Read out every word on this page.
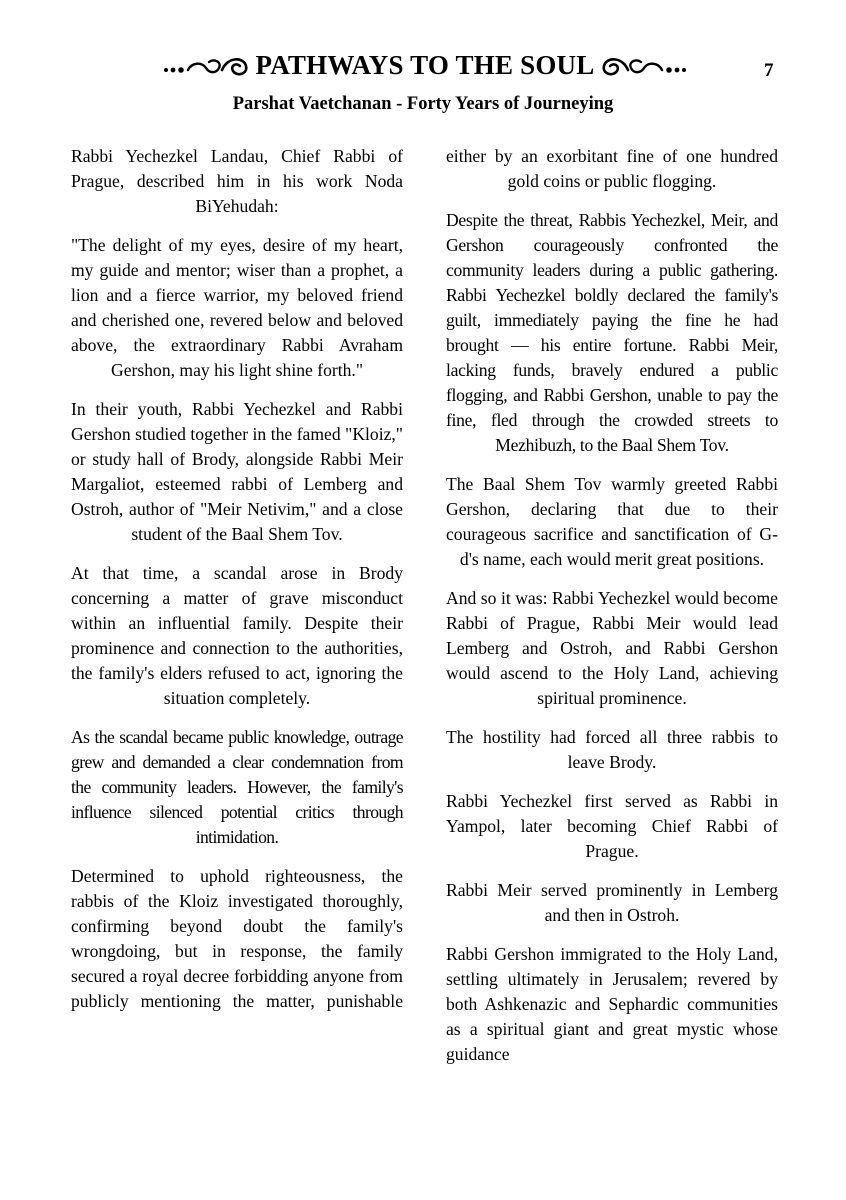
PATHWAYS TO THE SOUL	7
Parshat Vaetchanan - Forty Years of Journeying

Rabbi Yechezkel Landau, Chief Rabbi of Prague, described him in his work Noda BiYehudah:

"The delight of my eyes, desire of my heart, my guide and mentor; wiser than a prophet, a lion and a fierce warrior, my beloved friend and cherished one, revered below and beloved above, the extraordinary Rabbi Avraham Gershon, may his light shine forth."

In their youth, Rabbi Yechezkel and Rabbi Gershon studied together in the famed "Kloiz," or study hall of Brody, alongside Rabbi Meir Margaliot, esteemed rabbi of Lemberg and Ostroh, author of "Meir Netivim," and a close student of the Baal Shem Tov.

At that time, a scandal arose in Brody concerning a matter of grave misconduct within an influential family. Despite their prominence and connection to the authorities, the family's elders refused to act, ignoring the situation completely.

As the scandal became public knowledge, outrage grew and demanded a clear condemnation from the community leaders. However, the family's influence silenced potential critics through intimidation.

Determined to uphold righteousness, the rabbis of the Kloiz investigated thoroughly, confirming beyond doubt the family's wrongdoing, but in response, the family secured a royal decree forbidding anyone from publicly mentioning the matter, punishable

either by an exorbitant fine of one hundred gold coins or public flogging.

Despite the threat, Rabbis Yechezkel, Meir, and Gershon courageously confronted the community leaders during a public gathering. Rabbi Yechezkel boldly declared the family's guilt, immediately paying the fine he had brought — his entire fortune. Rabbi Meir, lacking funds, bravely endured a public flogging, and Rabbi Gershon, unable to pay the fine, fled through the crowded streets to Mezhibuzh, to the Baal Shem Tov.

The Baal Shem Tov warmly greeted Rabbi Gershon, declaring that due to their courageous sacrifice and sanctification of G-d's name, each would merit great positions.

And so it was: Rabbi Yechezkel would become Rabbi of Prague, Rabbi Meir would lead Lemberg and Ostroh, and Rabbi Gershon would ascend to the Holy Land, achieving spiritual prominence.

The hostility had forced all three rabbis to leave Brody.

Rabbi Yechezkel first served as Rabbi in Yampol, later becoming Chief Rabbi of Prague.

Rabbi Meir served prominently in Lemberg and then in Ostroh.

Rabbi Gershon immigrated to the Holy Land, settling ultimately in Jerusalem; revered by both Ashkenazic and Sephardic communities as a spiritual giant and great mystic whose guidance
